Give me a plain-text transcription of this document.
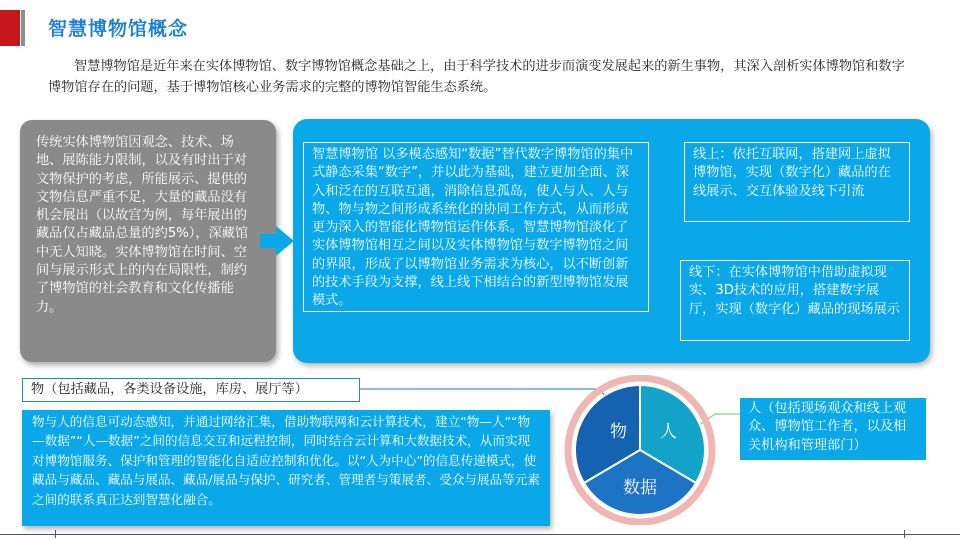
智慧博物馆概念
智慧博物馆是近年来在实体博物馆、数字博物馆概念基础之上，由于科学技术的进步而演变发展起来的新生事物，其深入剖析实体博物馆和数字博物馆存在的问题，基于博物馆核心业务需求的完整的博物馆智能生态系统。
传统实体博物馆因观念、技术、场地、展陈能力限制，以及有时出于对文物保护的考虑，所能展示、提供的文物信息严重不足，大量的藏品没有机会展出（以故宫为例，每年展出的藏品仅占藏品总量的约5%），深藏馆中无人知晓。实体博物馆在时间、空间与展示形式上的内在局限性，制约了博物馆的社会教育和文化传播能力。
智慧博物馆 以多模态感知“数据”替代数字博物馆的集中式静态采集“数字”，并以此为基础，建立更加全面、深入和泛在的互联互通，消除信息孤岛，使人与人、人与物、物与物之间形成系统化的协同工作方式，从而形成更为深入的智能化博物馆运作体系。智慧博物馆淡化了实体博物馆相互之间以及实体博物馆与数字博物馆之间的界限，形成了以博物馆业务需求为核心，以不断创新的技术手段为支撑，线上线下相结合的新型博物馆发展模式。
线上：依托互联网，搭建网上虚拟博物馆，实现（数字化）藏品的在线展示、交互体验及线下引流
线下：在实体博物馆中借助虚拟现实、3D技术的应用，搭建数字展厅，实现（数字化）藏品的现场展示
物（包括藏品，各类设备设施，库房、展厅等）
物与人的信息可动态感知，并通过网络汇集，借助物联网和云计算技术，建立“物—人”“物—数据”“人—数据”之间的信息交互和远程控制，同时结合云计算和大数据技术，从而实现对博物馆服务、保护和管理的智能化自适应控制和优化。以“人为中心”的信息传递模式，使藏品与藏品、藏品与展品、藏品/展品与保护、研究者、管理者与策展者、受众与展品等元素之间的联系真正达到智慧化融合。
人（包括现场观众和线上观众、博物馆工作者，以及相关机构和管理部门）
物 人
数据
